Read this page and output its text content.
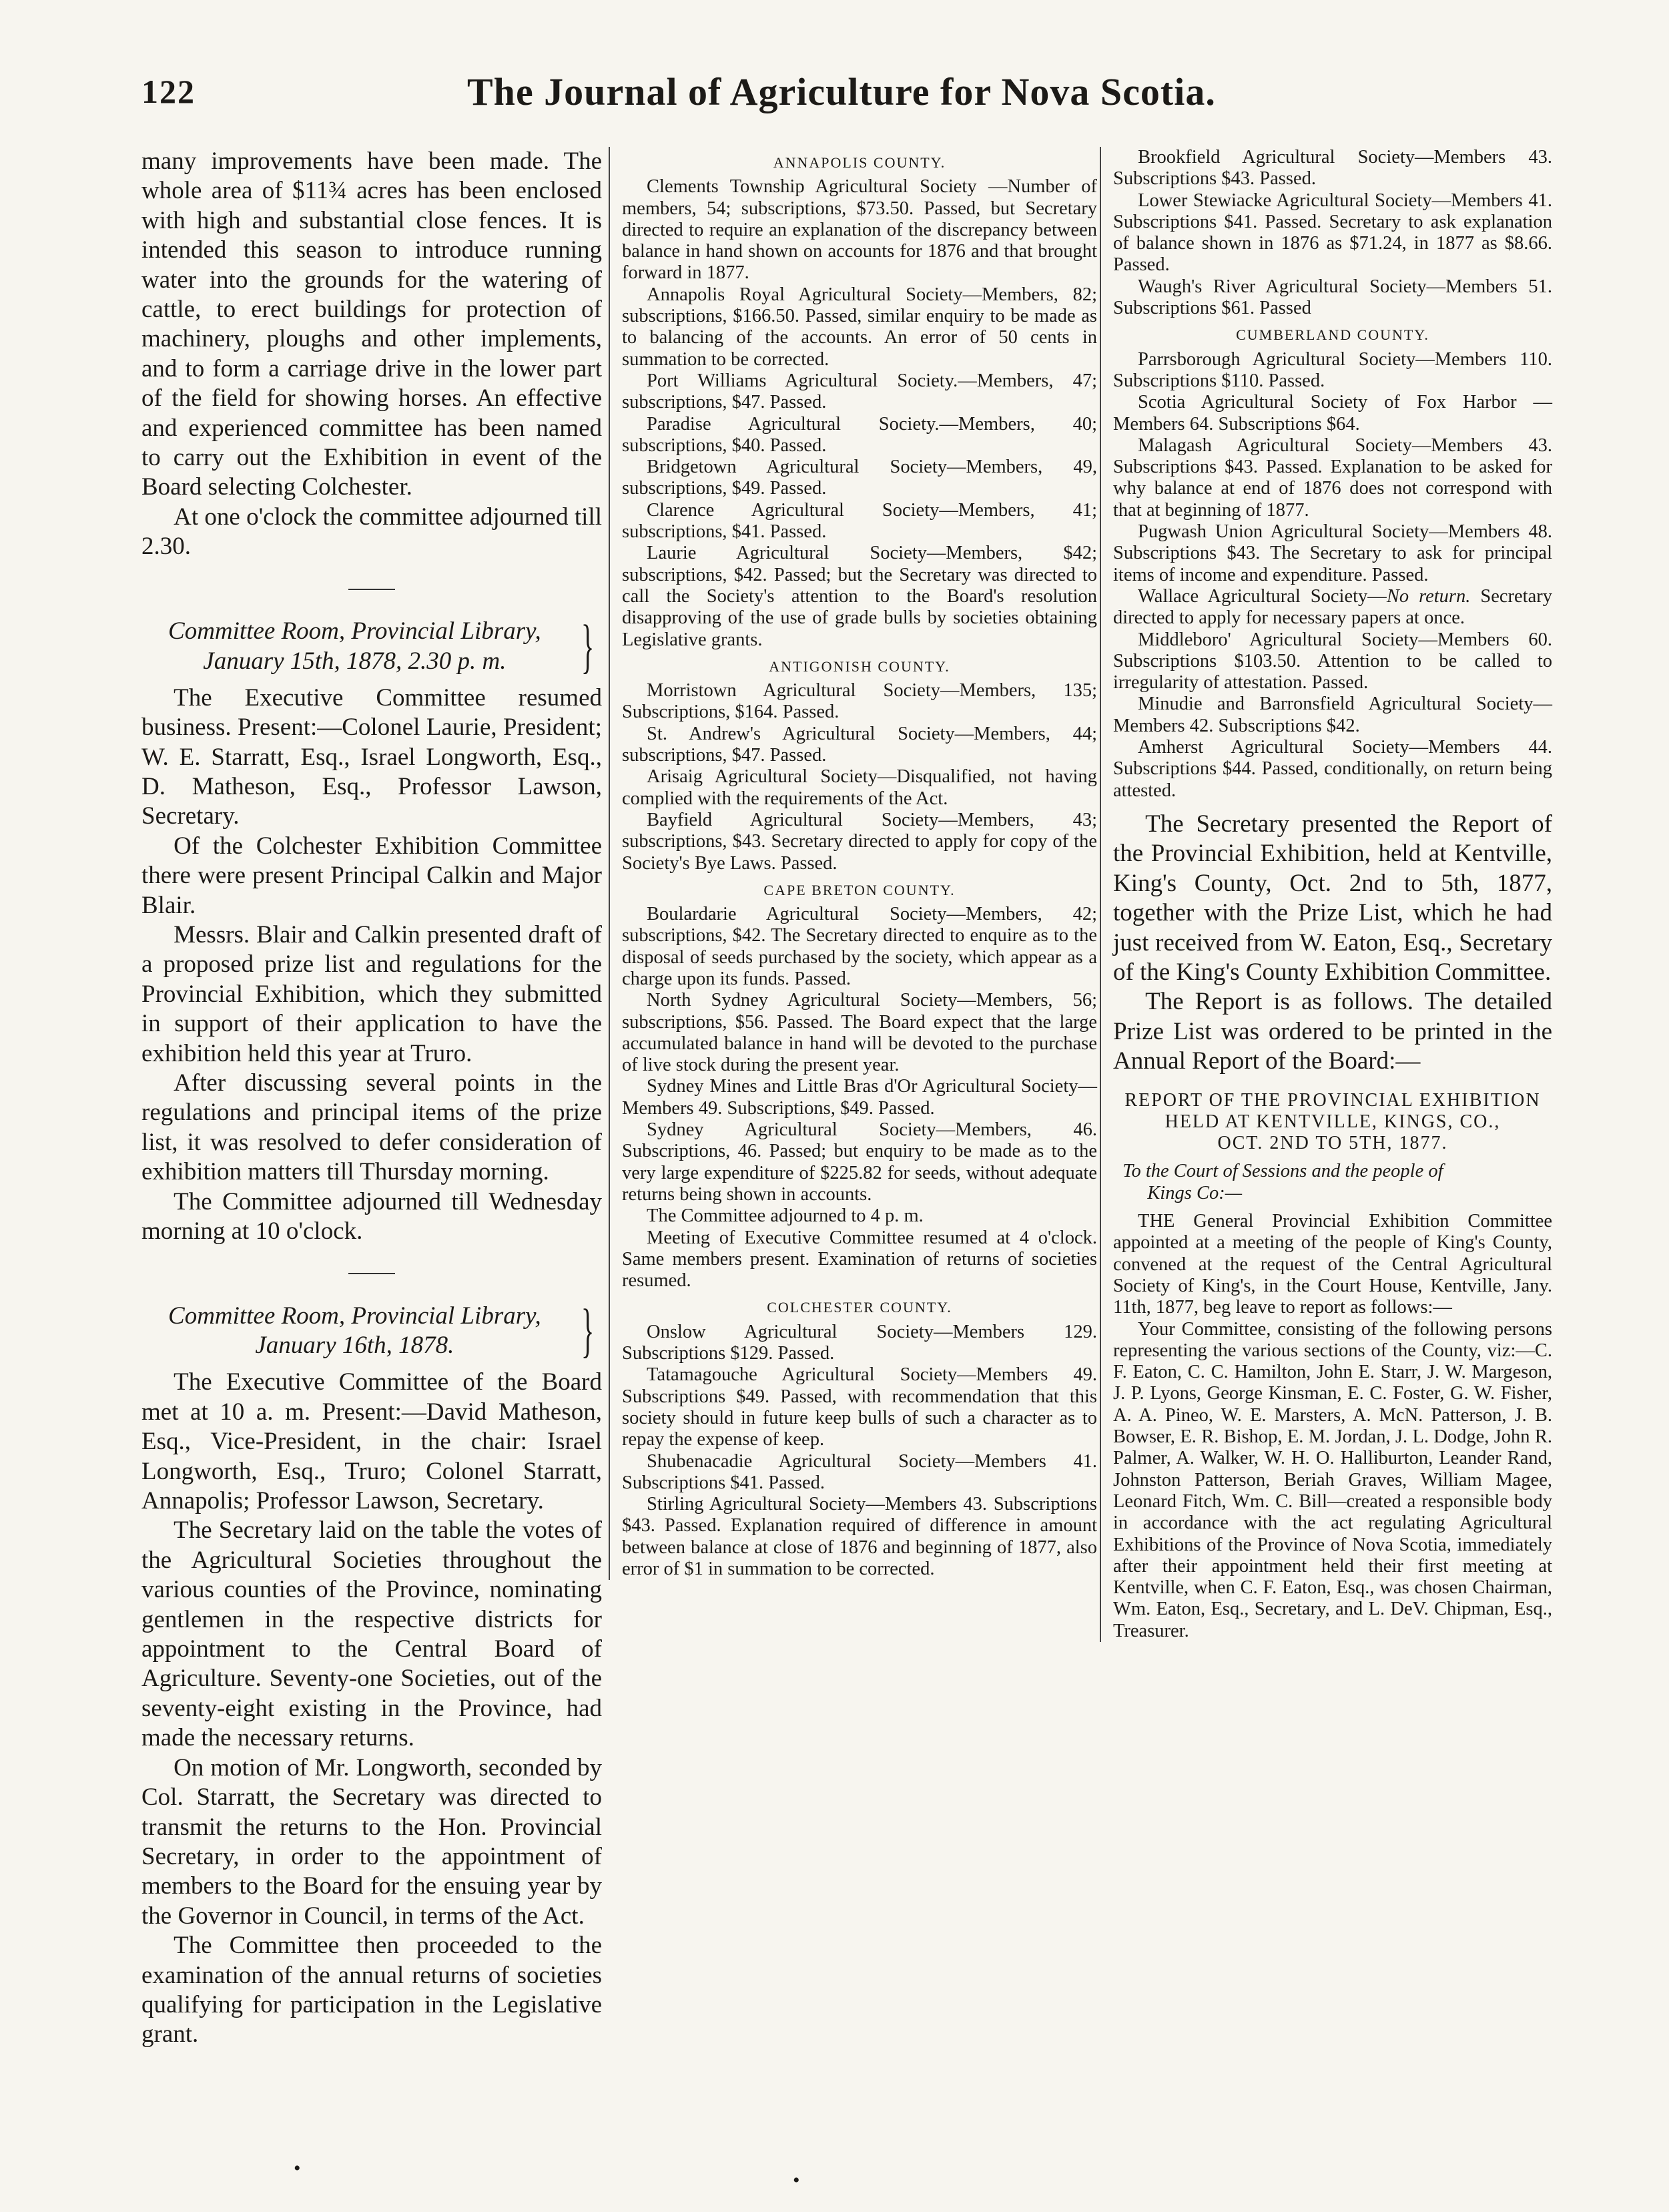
122	The Journal of Agriculture for Nova Scotia.

many improvements have been made. The whole area of $11¾ acres has been enclosed with high and substantial close fences. It is intended this season to introduce running water into the grounds for the watering of cattle, to erect buildings for protection of machinery, ploughs and other implements, and to form a carriage drive in the lower part of the field for showing horses. An effective and experienced committee has been named to carry out the Exhibition in event of the Board selecting Colchester.

At one o'clock the committee adjourned till 2.30.

Committee Room, Provincial Library,
January 15th, 1878, 2.30 p. m.	}

The Executive Committee resumed business. Present:—Colonel Laurie, President; W. E. Starratt, Esq., Israel Longworth, Esq., D. Matheson, Esq., Professor Lawson, Secretary.

Of the Colchester Exhibition Committee there were present Principal Calkin and Major Blair.

Messrs. Blair and Calkin presented draft of a proposed prize list and regulations for the Provincial Exhibition, which they submitted in support of their application to have the exhibition held this year at Truro.

After discussing several points in the regulations and principal items of the prize list, it was resolved to defer consideration of exhibition matters till Thursday morning.

The Committee adjourned till Wednesday morning at 10 o'clock.

Committee Room, Provincial Library,
January 16th, 1878.	}

The Executive Committee of the Board met at 10 a. m. Present:—David Matheson, Esq., Vice-President, in the chair: Israel Longworth, Esq., Truro; Colonel Starratt, Annapolis; Professor Lawson, Secretary.

The Secretary laid on the table the votes of the Agricultural Societies throughout the various counties of the Province, nominating gentlemen in the respective districts for appointment to the Central Board of Agriculture. Seventy-one Societies, out of the seventy-eight existing in the Province, had made the necessary returns.

On motion of Mr. Longworth, seconded by Col. Starratt, the Secretary was directed to transmit the returns to the Hon. Provincial Secretary, in order to the appointment of members to the Board for the ensuing year by the Governor in Council, in terms of the Act.

The Committee then proceeded to the examination of the annual returns of societies qualifying for participation in the Legislative grant.

ANNAPOLIS COUNTY.

Clements Township Agricultural Society —Number of members, 54; subscriptions, $73.50. Passed, but Secretary directed to require an explanation of the discrepancy between balance in hand shown on accounts for 1876 and that brought forward in 1877.

Annapolis Royal Agricultural Society—Members, 82; subscriptions, $166.50. Passed, similar enquiry to be made as to balancing of the accounts. An error of 50 cents in summation to be corrected.

Port Williams Agricultural Society.—Members, 47; subscriptions, $47. Passed.

Paradise Agricultural Society.—Members, 40; subscriptions, $40. Passed.

Bridgetown Agricultural Society—Members, 49, subscriptions, $49. Passed.

Clarence Agricultural Society—Members, 41; subscriptions, $41. Passed.

Laurie Agricultural Society—Members, $42; subscriptions, $42. Passed; but the Secretary was directed to call the Society's attention to the Board's resolution disapproving of the use of grade bulls by societies obtaining Legislative grants.

ANTIGONISH COUNTY.

Morristown Agricultural Society—Members, 135; Subscriptions, $164. Passed.

St. Andrew's Agricultural Society—Members, 44; subscriptions, $47. Passed.

Arisaig Agricultural Society—Disqualified, not having complied with the requirements of the Act.

Bayfield Agricultural Society—Members, 43; subscriptions, $43. Secretary directed to apply for copy of the Society's Bye Laws. Passed.

CAPE BRETON COUNTY.

Boulardarie Agricultural Society—Members, 42; subscriptions, $42. The Secretary directed to enquire as to the disposal of seeds purchased by the society, which appear as a charge upon its funds. Passed.

North Sydney Agricultural Society—Members, 56; subscriptions, $56. Passed. The Board expect that the large accumulated balance in hand will be devoted to the purchase of live stock during the present year.

Sydney Mines and Little Bras d'Or Agricultural Society—Members 49. Subscriptions, $49. Passed.

Sydney Agricultural Society—Members, 46. Subscriptions, 46. Passed; but enquiry to be made as to the very large expenditure of $225.82 for seeds, without adequate returns being shown in accounts.

The Committee adjourned to 4 p. m.

Meeting of Executive Committee resumed at 4 o'clock. Same members present. Examination of returns of societies resumed.

COLCHESTER COUNTY.

Onslow Agricultural Society—Members 129. Subscriptions $129. Passed.

Tatamagouche Agricultural Society—Members 49. Subscriptions $49. Passed, with recommendation that this society should in future keep bulls of such a character as to repay the expense of keep.

Shubenacadie Agricultural Society—Members 41. Subscriptions $41. Passed.

Stirling Agricultural Society—Members 43. Subscriptions $43. Passed. Explanation required of difference in amount between balance at close of 1876 and beginning of 1877, also error of $1 in summation to be corrected.

Brookfield Agricultural Society—Members 43. Subscriptions $43. Passed.

Lower Stewiacke Agricultural Society—Members 41. Subscriptions $41. Passed. Secretary to ask explanation of balance shown in 1876 as $71.24, in 1877 as $8.66. Passed.

Waugh's River Agricultural Society—Members 51. Subscriptions $61. Passed

CUMBERLAND COUNTY.

Parrsborough Agricultural Society—Members 110. Subscriptions $110. Passed.

Scotia Agricultural Society of Fox Harbor —Members 64. Subscriptions $64.

Malagash Agricultural Society—Members 43. Subscriptions $43. Passed. Explanation to be asked for why balance at end of 1876 does not correspond with that at beginning of 1877.

Pugwash Union Agricultural Society—Members 48. Subscriptions $43. The Secretary to ask for principal items of income and expenditure. Passed.

Wallace Agricultural Society—No return. Secretary directed to apply for necessary papers at once.

Middleboro' Agricultural Society—Members 60. Subscriptions $103.50. Attention to be called to irregularity of attestation. Passed.

Minudie and Barronsfield Agricultural Society—Members 42. Subscriptions $42.

Amherst Agricultural Society—Members 44. Subscriptions $44. Passed, conditionally, on return being attested.

The Secretary presented the Report of the Provincial Exhibition, held at Kentville, King's County, Oct. 2nd to 5th, 1877, together with the Prize List, which he had just received from W. Eaton, Esq., Secretary of the King's County Exhibition Committee.

The Report is as follows. The detailed Prize List was ordered to be printed in the Annual Report of the Board:—

REPORT OF THE PROVINCIAL EXHIBITION
HELD AT KENTVILLE, KINGS, CO.,
OCT. 2ND TO 5TH, 1877.
To the Court of Sessions and the people of
Kings Co:—

THE General Provincial Exhibition Committee appointed at a meeting of the people of King's County, convened at the request of the Central Agricultural Society of King's, in the Court House, Kentville, Jany. 11th, 1877, beg leave to report as follows:—

Your Committee, consisting of the following persons representing the various sections of the County, viz:—C. F. Eaton, C. C. Hamilton, John E. Starr, J. W. Margeson, J. P. Lyons, George Kinsman, E. C. Foster, G. W. Fisher, A. A. Pineo, W. E. Marsters, A. McN. Patterson, J. B. Bowser, E. R. Bishop, E. M. Jordan, J. L. Dodge, John R. Palmer, A. Walker, W. H. O. Halliburton, Leander Rand, Johnston Patterson, Beriah Graves, William Magee, Leonard Fitch, Wm. C. Bill—created a responsible body in accordance with the act regulating Agricultural Exhibitions of the Province of Nova Scotia, immediately after their appointment held their first meeting at Kentville, when C. F. Eaton, Esq., was chosen Chairman, Wm. Eaton, Esq., Secretary, and L. DeV. Chipman, Esq., Treasurer.

•
•
